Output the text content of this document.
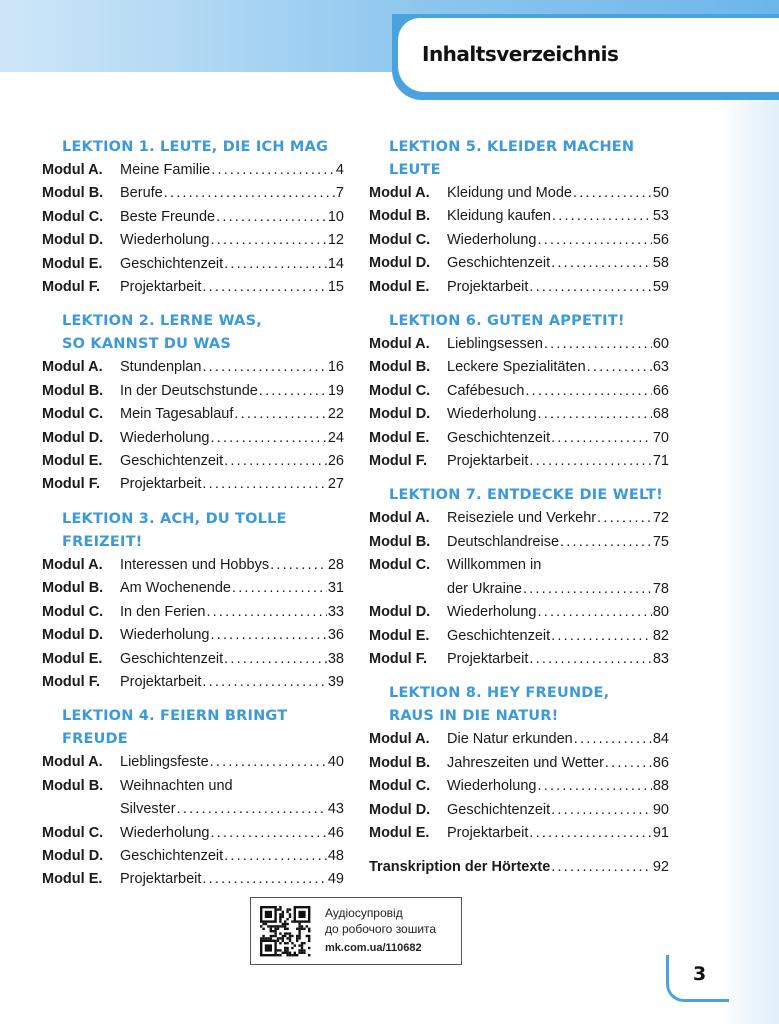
Inhaltsverzeichnis
LEKTION 1. LEUTE, DIE ICH MAG
Modul A.	Meine Familie .....	4
Modul B.	Berufe .....	7
Modul C.	Beste Freunde .....	10
Modul D.	Wiederholung .....	12
Modul E.	Geschichtenzeit .....	14
Modul F.	Projektarbeit .....	15
LEKTION 2. LERNE WAS,
SO KANNST DU WAS
Modul A.	Stundenplan .....	16
Modul B.	In der Deutschstunde .....	19
Modul C.	Mein Tagesablauf .....	22
Modul D.	Wiederholung .....	24
Modul E.	Geschichtenzeit .....	26
Modul F.	Projektarbeit .....	27
LEKTION 3. ACH, DU TOLLE FREIZEIT!
Modul A.	Interessen und Hobbys .....	28
Modul B.	Am Wochenende .....	31
Modul C.	In den Ferien .....	33
Modul D.	Wiederholung .....	36
Modul E.	Geschichtenzeit .....	38
Modul F.	Projektarbeit .....	39
LEKTION 4. FEIERN BRINGT FREUDE
Modul A.	Lieblingsfeste .....	40
Modul B.	Weihnachten und
Silvester .....	43
Modul C.	Wiederholung .....	46
Modul D.	Geschichtenzeit .....	48
Modul E.	Projektarbeit .....	49
LEKTION 5. KLEIDER MACHEN LEUTE
Modul A.	Kleidung und Mode .....	50
Modul B.	Kleidung kaufen .....	53
Modul C.	Wiederholung .....	56
Modul D.	Geschichtenzeit .....	58
Modul E.	Projektarbeit .....	59
LEKTION 6. GUTEN APPETIT!
Modul A.	Lieblingsessen .....	60
Modul B.	Leckere Spezialitäten .....	63
Modul C.	Cafébesuch .....	66
Modul D.	Wiederholung .....	68
Modul E.	Geschichtenzeit .....	70
Modul F.	Projektarbeit .....	71
LEKTION 7. ENTDECKE DIE WELT!
Modul A.	Reiseziele und Verkehr .....	72
Modul B.	Deutschlandreise .....	75
Modul C.	Willkommen in
der Ukraine .....	78
Modul D.	Wiederholung .....	80
Modul E.	Geschichtenzeit .....	82
Modul F.	Projektarbeit .....	83
LEKTION 8. HEY FREUNDE,
RAUS IN DIE NATUR!
Modul A.	Die Natur erkunden .....	84
Modul B.	Jahreszeiten und Wetter .....	86
Modul C.	Wiederholung .....	88
Modul D.	Geschichtenzeit .....	90
Modul E.	Projektarbeit .....	91
Transkription der Hörtexte .....	92
Аудіосупровід
до робочого зошита
mk.com.ua/110682
3
